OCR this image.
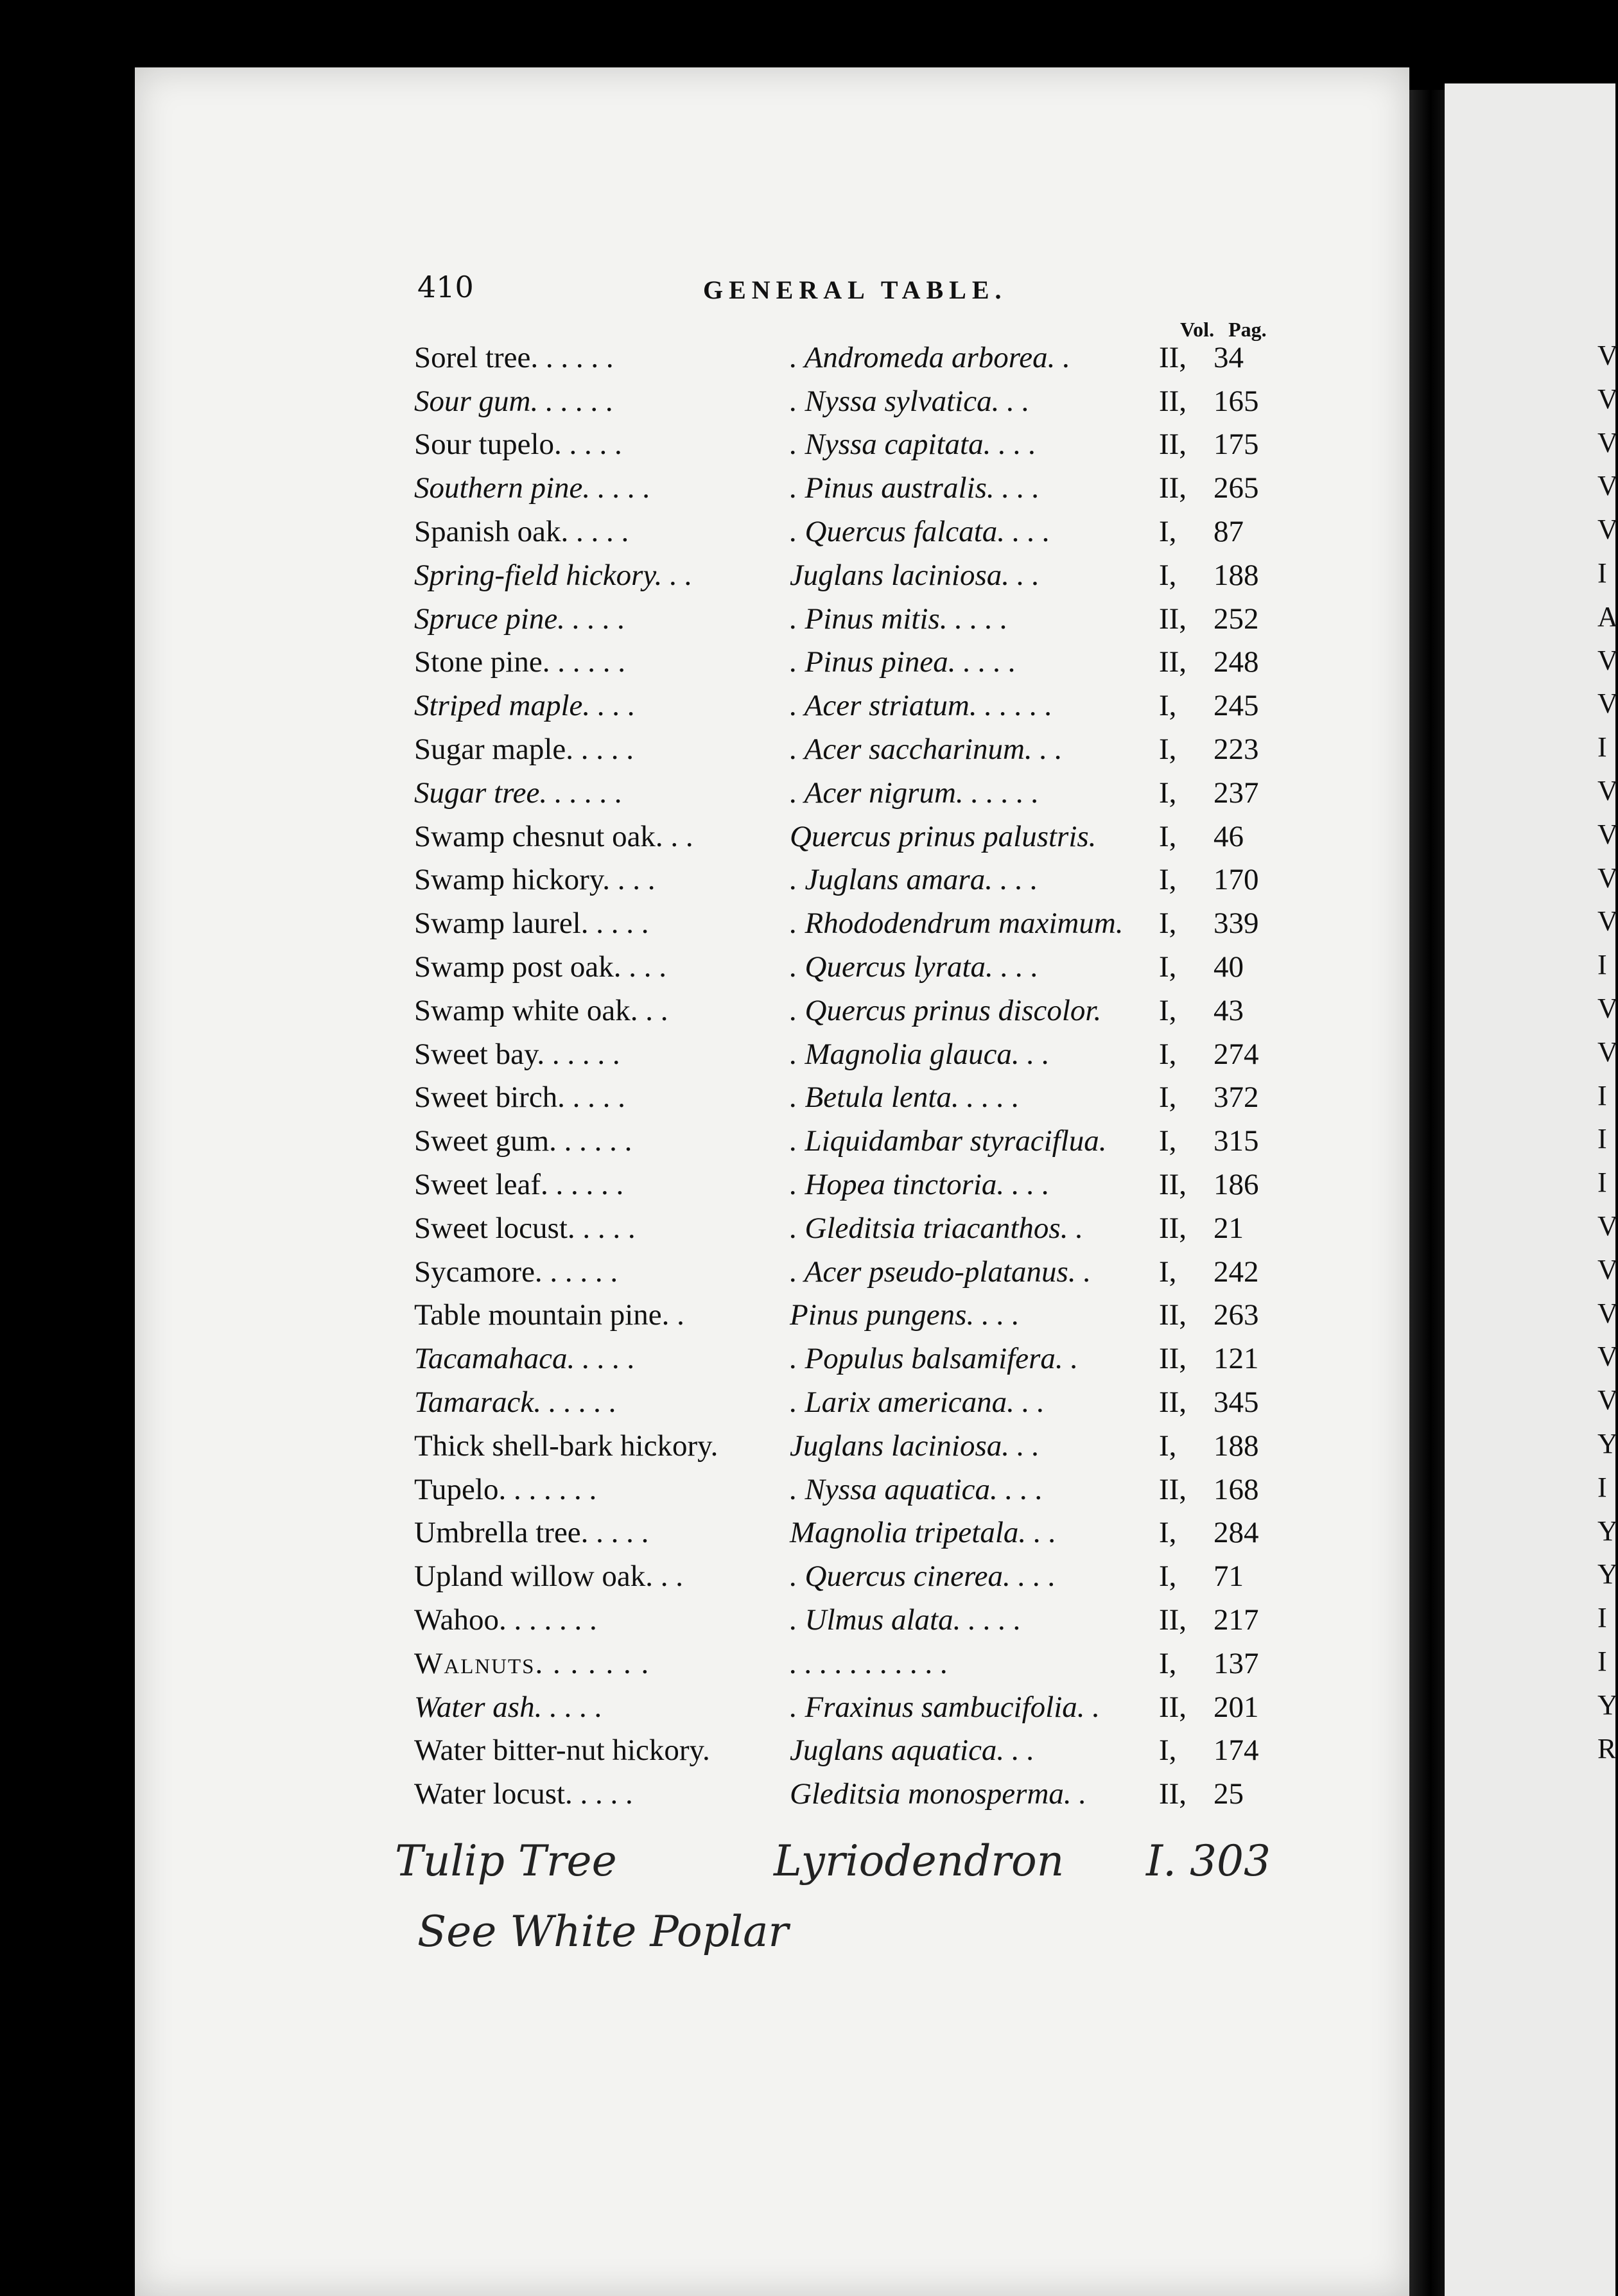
410	GENERAL TABLE.
Vol. Pag.
Sorel tree. . . . . .	. Andromeda arborea. .	II, 34
Sour gum. . . . . .	. Nyssa sylvatica. . .	II, 165
Sour tupelo. . . . .	. Nyssa capitata. . . .	II, 175
Southern pine. . . . .	. Pinus australis. . . .	II, 265
Spanish oak. . . . .	. Quercus falcata. . . .	I, 87
Spring-field hickory. . .	Juglans laciniosa. . .	I, 188
Spruce pine. . . . .	. Pinus mitis. . . . .	II, 252
Stone pine. . . . . .	. Pinus pinea. . . . .	II, 248
Striped maple. . . .	. Acer striatum. . . . . .	I, 245
Sugar maple. . . . .	. Acer saccharinum. . .	I, 223
Sugar tree. . . . . .	. Acer nigrum. . . . . .	I, 237
Swamp chesnut oak. . .	Quercus prinus palustris. I, 46
Swamp hickory. . . .	. Juglans amara. . . .	I, 170
Swamp laurel. . . . .	. Rhododendrum maximum. I, 339
Swamp post oak. . . .	. Quercus lyrata. . . .	I, 40
Swamp white oak. . .	. Quercus prinus discolor. I, 43
Sweet bay. . . . . .	. Magnolia glauca. . .	I, 274
Sweet birch. . . . .	. Betula lenta. . . . .	I, 372
Sweet gum. . . . . .	. Liquidambar styraciflua. I, 315
Sweet leaf. . . . . .	. Hopea tinctoria. . . .	II, 186
Sweet locust. . . . .	. Gleditsia triacanthos. .	II, 21
Sycamore. . . . . .	. Acer pseudo-platanus. . I, 242
Table mountain pine. .	Pinus pungens. . . .	II, 263
Tacamahaca. . . . .	. Populus balsamifera. .	II, 121
Tamarack. . . . . .	. Larix americana. . .	II, 345
Thick shell-bark hickory. Juglans laciniosa. . .	I, 188
Tupelo. . . . . . .	. Nyssa aquatica. . . .	II, 168
Umbrella tree. . . . .	Magnolia tripetala. . .	I, 284
Upland willow oak. . .	. Quercus cinerea. . . .	I, 71
Wahoo. . . . . . .	. Ulmus alata. . . . .	II, 217
Walnuts. . . . . . .	. . . . . . . . . . .	I, 137
Water ash. . . . .	. Fraxinus sambucifolia. . II, 201
Water bitter-nut hickory.	Juglans aquatica. . .	I, 174
Water locust. . . . .	Gleditsia monosperma. . II, 25
Tulip Tree	Lyriodendron I. 303
See White Poplar
V
V
V
V
V
I
A
V
V
I
V
V
V
V
I
V
V
I
I
I
V
V
V
V
V
Y
I
Y
Y
I
I
Y
R
